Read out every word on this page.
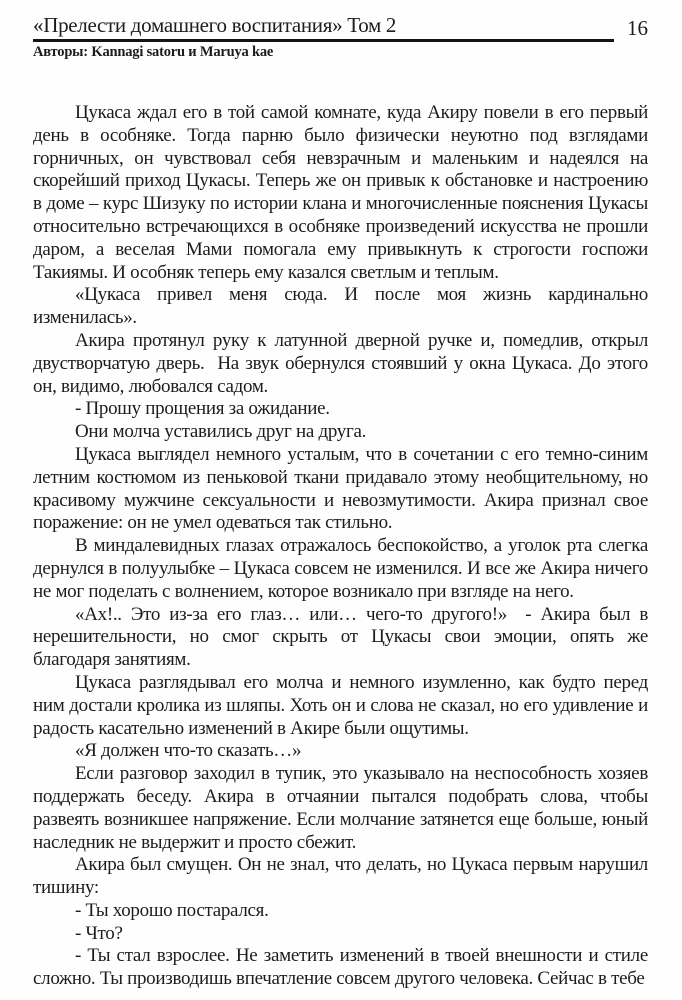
«Прелести домашнего воспитания» Том 2	16
Авторы: Kannagi satoru и Maruya kae

Цукаса ждал его в той самой комнате, куда Акиру повели в его первый день в особняке. Тогда парню было физически неуютно под взглядами горничных, он чувствовал себя невзрачным и маленьким и надеялся на скорейший приход Цукасы. Теперь же он привык к обстановке и настроению в доме – курс Шизуку по истории клана и многочисленные пояснения Цукасы относительно встречающихся в особняке произведений искусства не прошли даром, а веселая Мами помогала ему привыкнуть к строгости госпожи Такиямы. И особняк теперь ему казался светлым и теплым.

«Цукаса привел меня сюда. И после моя жизнь кардинально изменилась».

Акира протянул руку к латунной дверной ручке и, помедлив, открыл двустворчатую дверь.  На звук обернулся стоявший у окна Цукаса. До этого он, видимо, любовался садом.

- Прошу прощения за ожидание.

Они молча уставились друг на друга.

Цукаса выглядел немного усталым, что в сочетании с его темно-синим летним костюмом из пеньковой ткани придавало этому необщительному, но красивому мужчине сексуальности и невозмутимости. Акира признал свое поражение: он не умел одеваться так стильно.

В миндалевидных глазах отражалось беспокойство, а уголок рта слегка дернулся в полуулыбке – Цукаса совсем не изменился. И все же Акира ничего не мог поделать с волнением, которое возникало при взгляде на него.

«Ах!.. Это из-за его глаз… или… чего-то другого!»  - Акира был в нерешительности, но смог скрыть от Цукасы свои эмоции, опять же благодаря занятиям.

Цукаса разглядывал его молча и немного изумленно, как будто перед ним достали кролика из шляпы. Хоть он и слова не сказал, но его удивление и радость касательно изменений в Акире были ощутимы.

«Я должен что-то сказать…»

Если разговор заходил в тупик, это указывало на неспособность хозяев поддержать беседу. Акира в отчаянии пытался подобрать слова, чтобы развеять возникшее напряжение. Если молчание затянется еще больше, юный наследник не выдержит и просто сбежит.

Акира был смущен. Он не знал, что делать, но Цукаса первым нарушил тишину:

- Ты хорошо постарался.

- Что?

- Ты стал взрослее. Не заметить изменений в твоей внешности и стиле сложно. Ты производишь впечатление совсем другого человека. Сейчас в тебе
